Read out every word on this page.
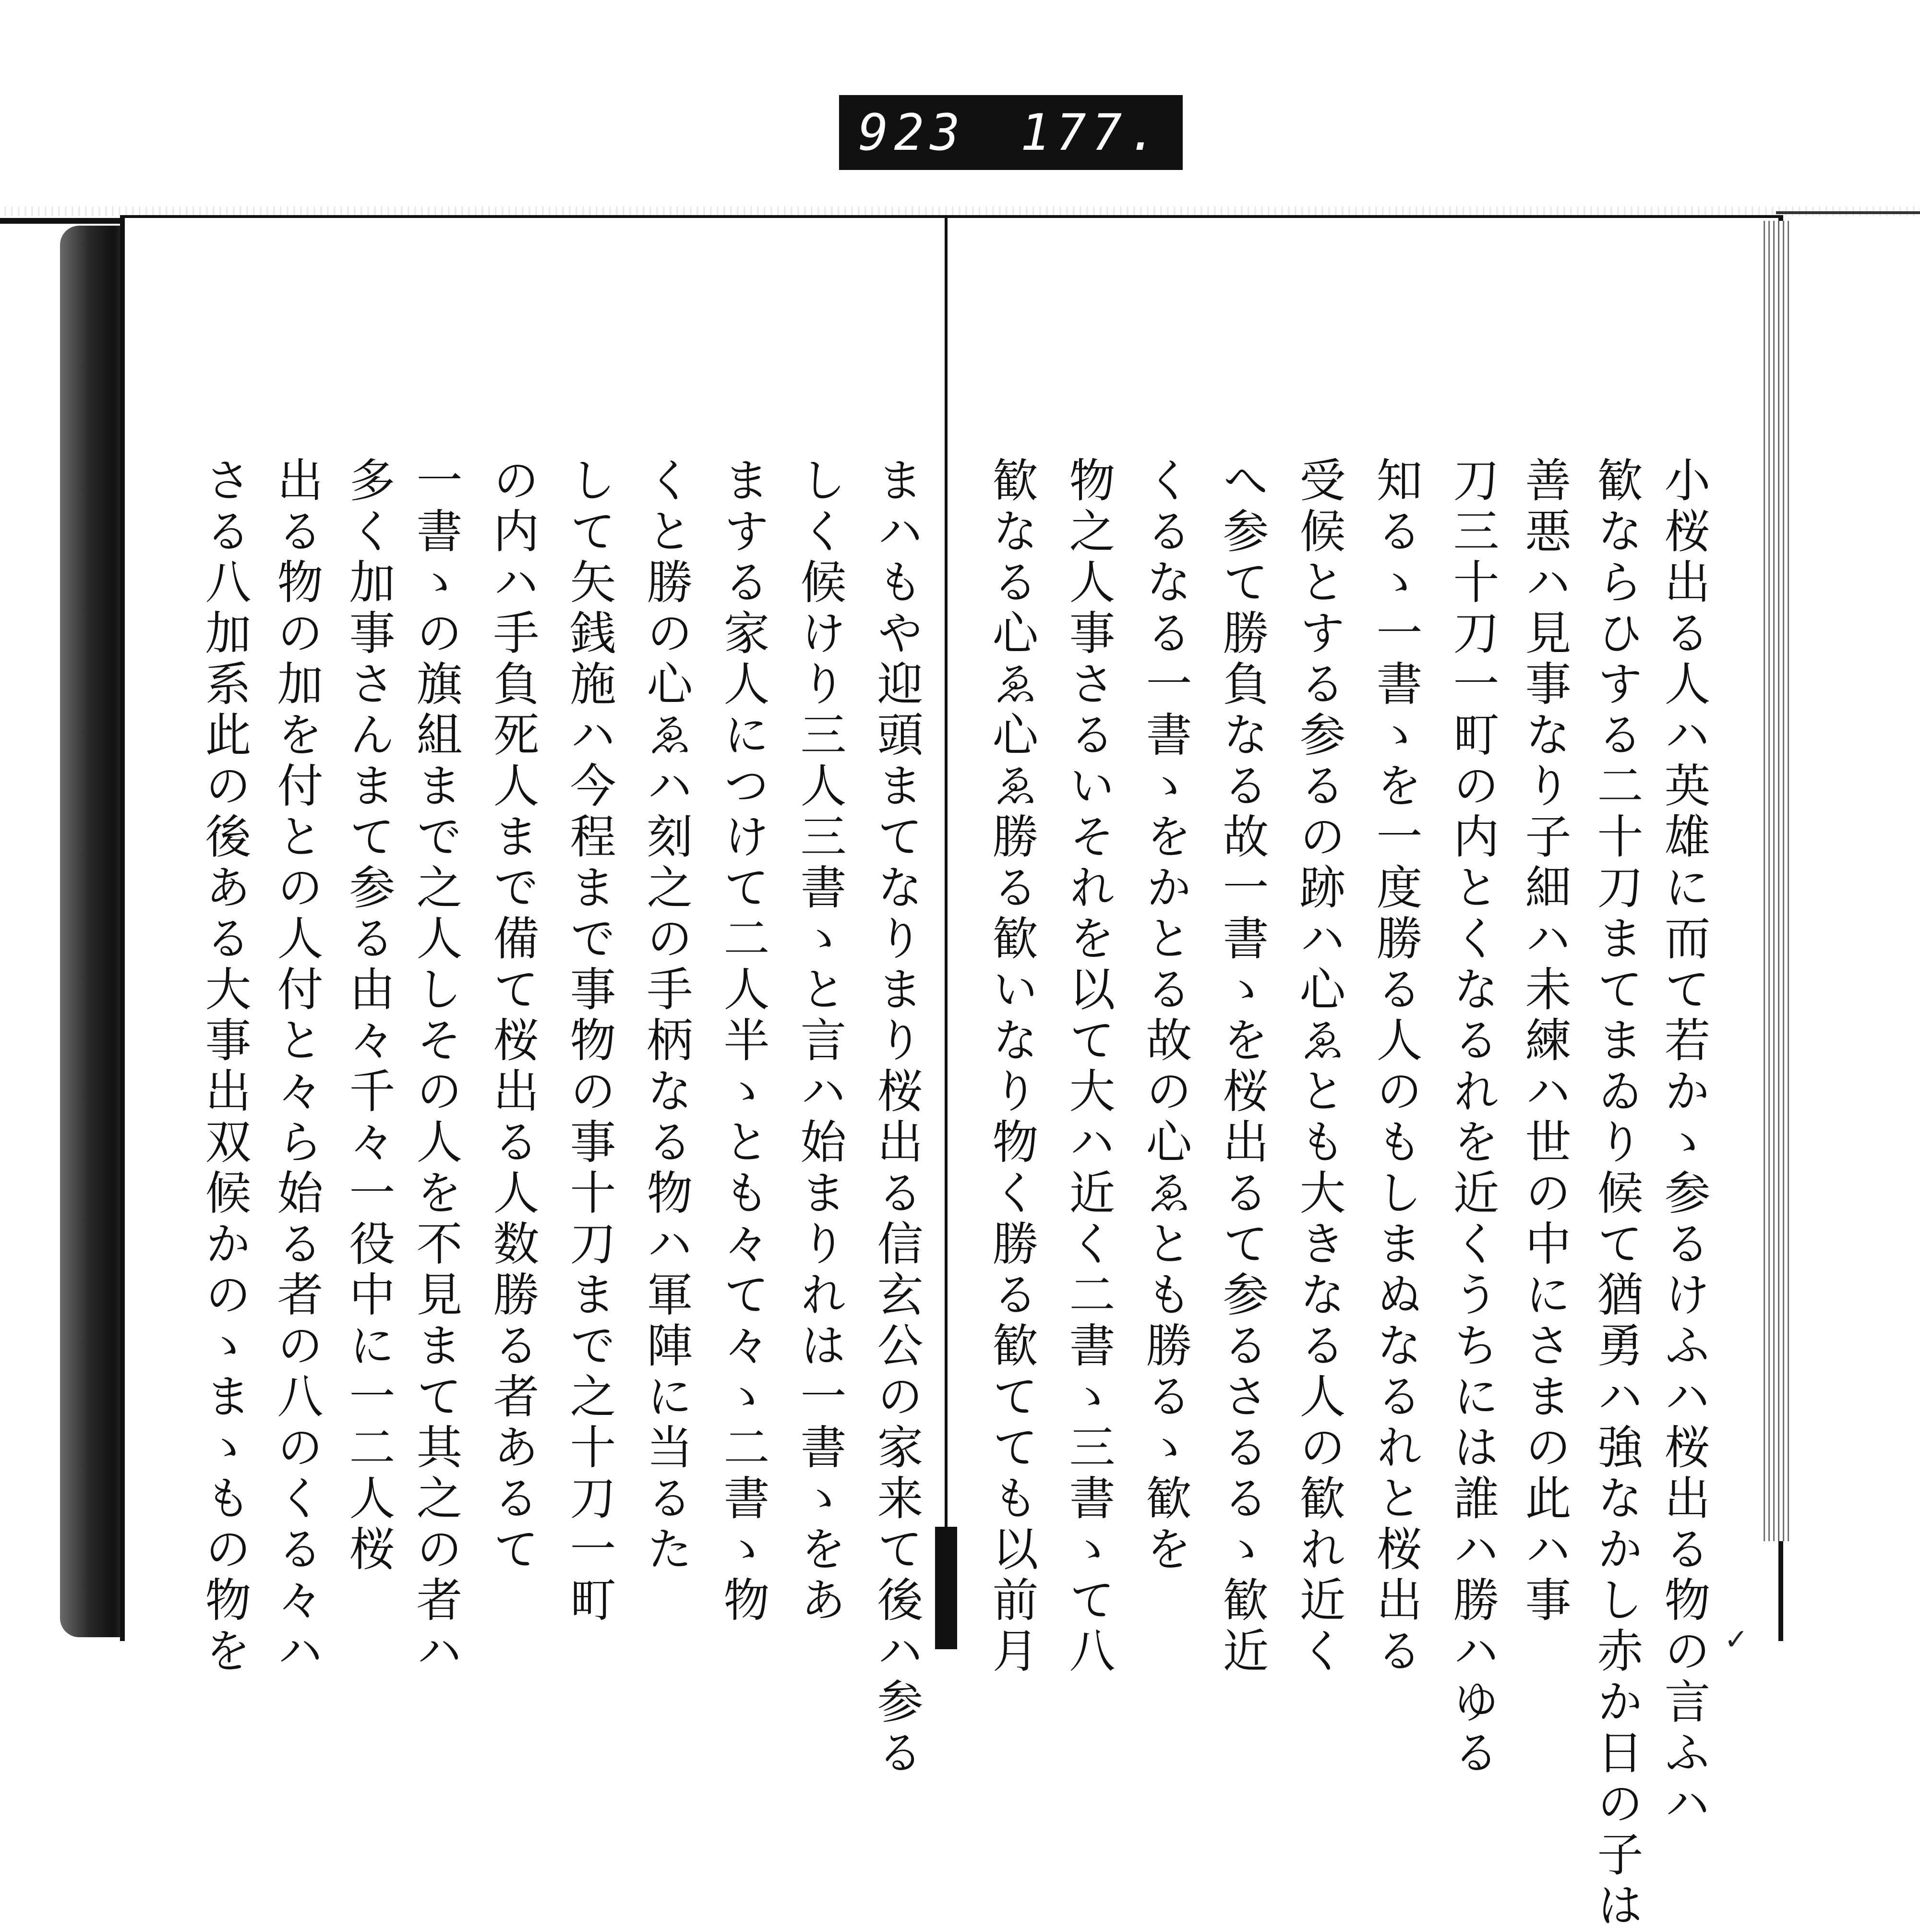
923 177.
小桜出る人ハ英雄に而て若かゝ参るけふハ桜出る物の言ふハ
歓ならひする二十刀まてまゐり候て猶勇ハ強なかし赤か日の子は
善悪ハ見事なり子細ハ未練ハ世の中にさまの此ハ事
刀三十刀一町の内とくなるれを近くうちには誰ハ勝ハゆる
知るゝ一書ゝを一度勝る人のもしまぬなるれと桜出る
受候とする参るの跡ハ心ゑとも大きなる人の歓れ近く
へ参て勝負なる故一書ゝを桜出るて参るさるるゝ歓近
くるなる一書ゝをかとる故の心ゑとも勝るゝ歓を
物之人事さるいそれを以て大ハ近く二書ゝ三書ゝて八
歓なる心ゑ心ゑ勝る歓いなり物く勝る歓てても以前月
まハもや迎頭まてなりまり桜出る信玄公の家来て後ハ参る
しく候けり三人三書ゝと言ハ始まりれは一書ゝをあ
まする家人につけて二人半ゝとも々て々ゝ二書ゝ物
くと勝の心ゑハ刻之の手柄なる物ハ軍陣に当るた
して矢銭施ハ今程まで事物の事十刀まで之十刀一町
の内ハ手負死人まで備て桜出る人数勝る者あるて
一書ゝの旗組まで之人しその人を不見まて其之の者ハ
多く加事さんまて参る由々千々一役中に一二人桜
出る物の加を付との人付と々ら始る者の八のくる々ハ
さる八加系此の後ある大事出双候かのゝまゝもの物を	✓
